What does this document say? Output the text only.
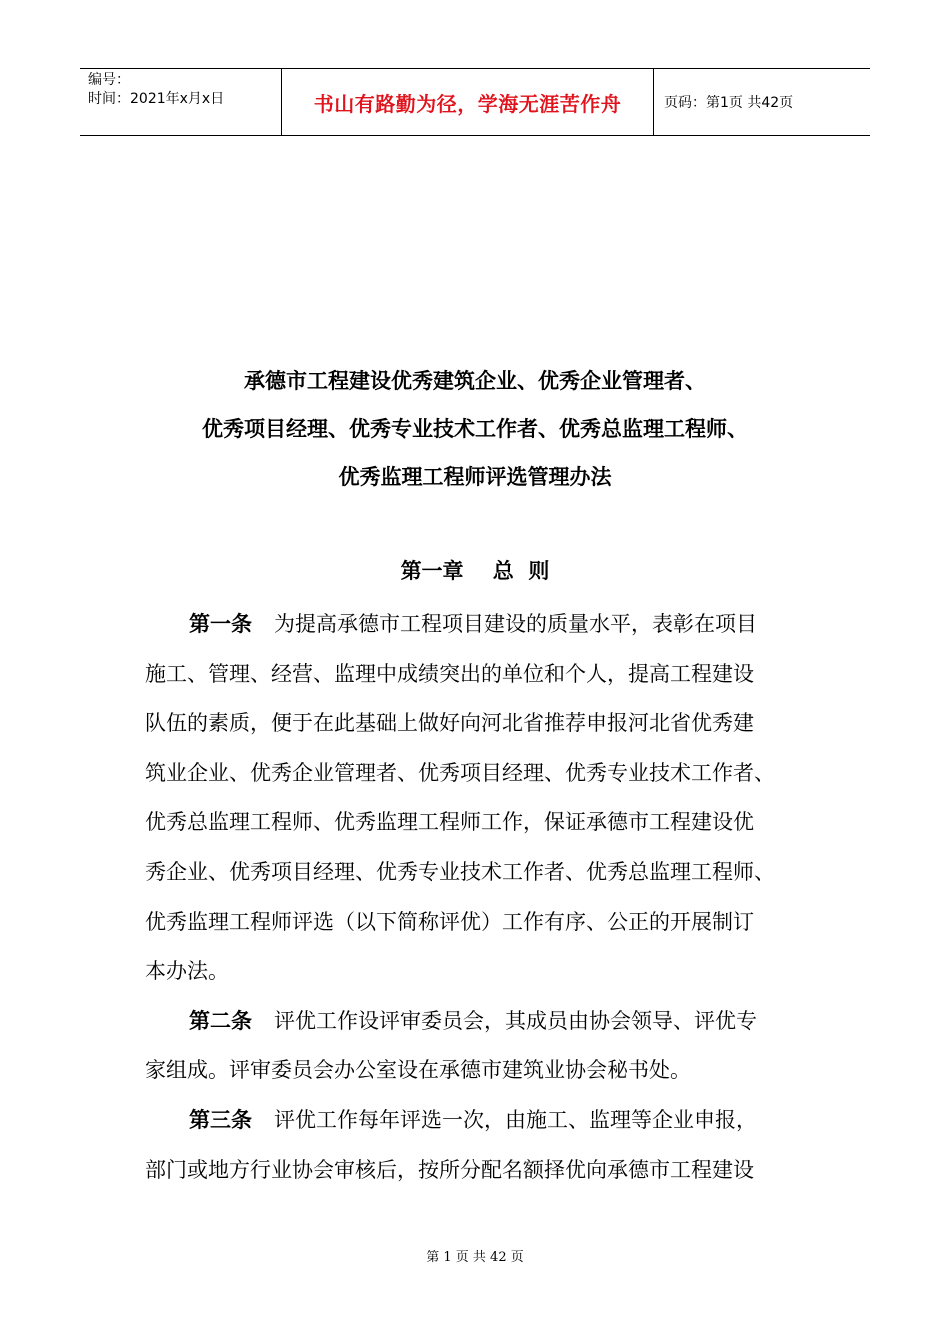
编号：
时间：2021年x月x日	书山有路勤为径，学海无涯苦作舟	页码：第1页 共42页
承德市工程建设优秀建筑企业、优秀企业管理者、
优秀项目经理、优秀专业技术工作者、优秀总监理工程师、
优秀监理工程师评选管理办法
第一章    总  则
第一条 为提高承德市工程项目建设的质量水平，表彰在项目
施工、管理、经营、监理中成绩突出的单位和个人，提高工程建设
队伍的素质，便于在此基础上做好向河北省推荐申报河北省优秀建
筑业企业、优秀企业管理者、优秀项目经理、优秀专业技术工作者、
优秀总监理工程师、优秀监理工程师工作，保证承德市工程建设优
秀企业、优秀项目经理、优秀专业技术工作者、优秀总监理工程师、
优秀监理工程师评选（以下简称评优）工作有序、公正的开展制订
本办法。
第二条 评优工作设评审委员会，其成员由协会领导、评优专
家组成。评审委员会办公室设在承德市建筑业协会秘书处。
第三条 评优工作每年评选一次，由施工、监理等企业申报，
部门或地方行业协会审核后，按所分配名额择优向承德市工程建设
第 1 页 共 42 页
